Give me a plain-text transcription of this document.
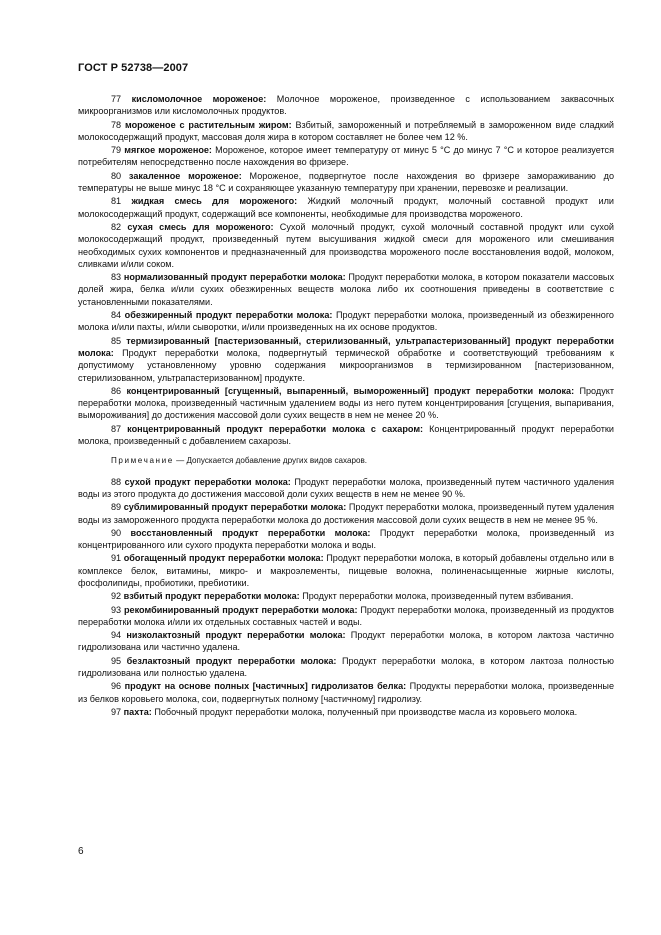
ГОСТ Р 52738—2007

77 кисломолочное мороженое: Молочное мороженое, произведенное с использованием заквасочных микроорганизмов или кисломолочных продуктов.

78 мороженое с растительным жиром: Взбитый, замороженный и потребляемый в замороженном виде сладкий молокосодержащий продукт, массовая доля жира в котором составляет не более чем 12 %.

79 мягкое мороженое: Мороженое, которое имеет температуру от минус 5 °C до минус 7 °C и которое реализуется потребителям непосредственно после нахождения во фризере.

80 закаленное мороженое: Мороженое, подвергнутое после нахождения во фризере замораживанию до температуры не выше минус 18 °C и сохраняющее указанную температуру при хранении, перевозке и реализации.

81 жидкая смесь для мороженого: Жидкий молочный продукт, молочный составной продукт или молокосодержащий продукт, содержащий все компоненты, необходимые для производства мороженого.

82 сухая смесь для мороженого: Сухой молочный продукт, сухой молочный составной продукт или сухой молокосодержащий продукт, произведенный путем высушивания жидкой смеси для мороженого или смешивания необходимых сухих компонентов и предназначенный для производства мороженого после восстановления водой, молоком, сливками и/или соком.

83 нормализованный продукт переработки молока: Продукт переработки молока, в котором показатели массовых долей жира, белка и/или сухих обезжиренных веществ молока либо их соотношения приведены в соответствие с установленными показателями.

84 обезжиренный продукт переработки молока: Продукт переработки молока, произведенный из обезжиренного молока и/или пахты, и/или сыворотки, и/или произведенных на их основе продуктов.

85 термизированный [пастеризованный, стерилизованный, ультрапастеризованный] продукт переработки молока: Продукт переработки молока, подвергнутый термической обработке и соответствующий требованиям к допустимому установленному уровню содержания микроорганизмов в термизированном [пастеризованном, стерилизованном, ультрапастеризованном] продукте.

86 концентрированный [сгущенный, выпаренный, вымороженный] продукт переработки молока: Продукт переработки молока, произведенный частичным удалением воды из него путем концентрирования [сгущения, выпаривания, вымороживания] до достижения массовой доли сухих веществ в нем не менее 20 %.

87 концентрированный продукт переработки молока с сахаром: Концентрированный продукт переработки молока, произведенный с добавлением сахарозы.

Примечание — Допускается добавление других видов сахаров.

88 сухой продукт переработки молока: Продукт переработки молока, произведенный путем частичного удаления воды из этого продукта до достижения массовой доли сухих веществ в нем не менее 90 %.

89 сублимированный продукт переработки молока: Продукт переработки молока, произведенный путем удаления воды из замороженного продукта переработки молока до достижения массовой доли сухих веществ в нем не менее 95 %.

90 восстановленный продукт переработки молока: Продукт переработки молока, произведенный из концентрированного или сухого продукта переработки молока и воды.

91 обогащенный продукт переработки молока: Продукт переработки молока, в который добавлены отдельно или в комплексе белок, витамины, микро- и макроэлементы, пищевые волокна, полиненасыщенные жирные кислоты, фосфолипиды, пробиотики, пребиотики.

92 взбитый продукт переработки молока: Продукт переработки молока, произведенный путем взбивания.

93 рекомбинированный продукт переработки молока: Продукт переработки молока, произведенный из продуктов переработки молока и/или их отдельных составных частей и воды.

94 низколактозный продукт переработки молока: Продукт переработки молока, в котором лактоза частично гидролизована или частично удалена.

95 безлактозный продукт переработки молока: Продукт переработки молока, в котором лактоза полностью гидролизована или полностью удалена.

96 продукт на основе полных [частичных] гидролизатов белка: Продукты переработки молока, произведенные из белков коровьего молока, сои, подвергнутых полному [частичному] гидролизу.

97 пахта: Побочный продукт переработки молока, полученный при производстве масла из коровьего молока.

6
